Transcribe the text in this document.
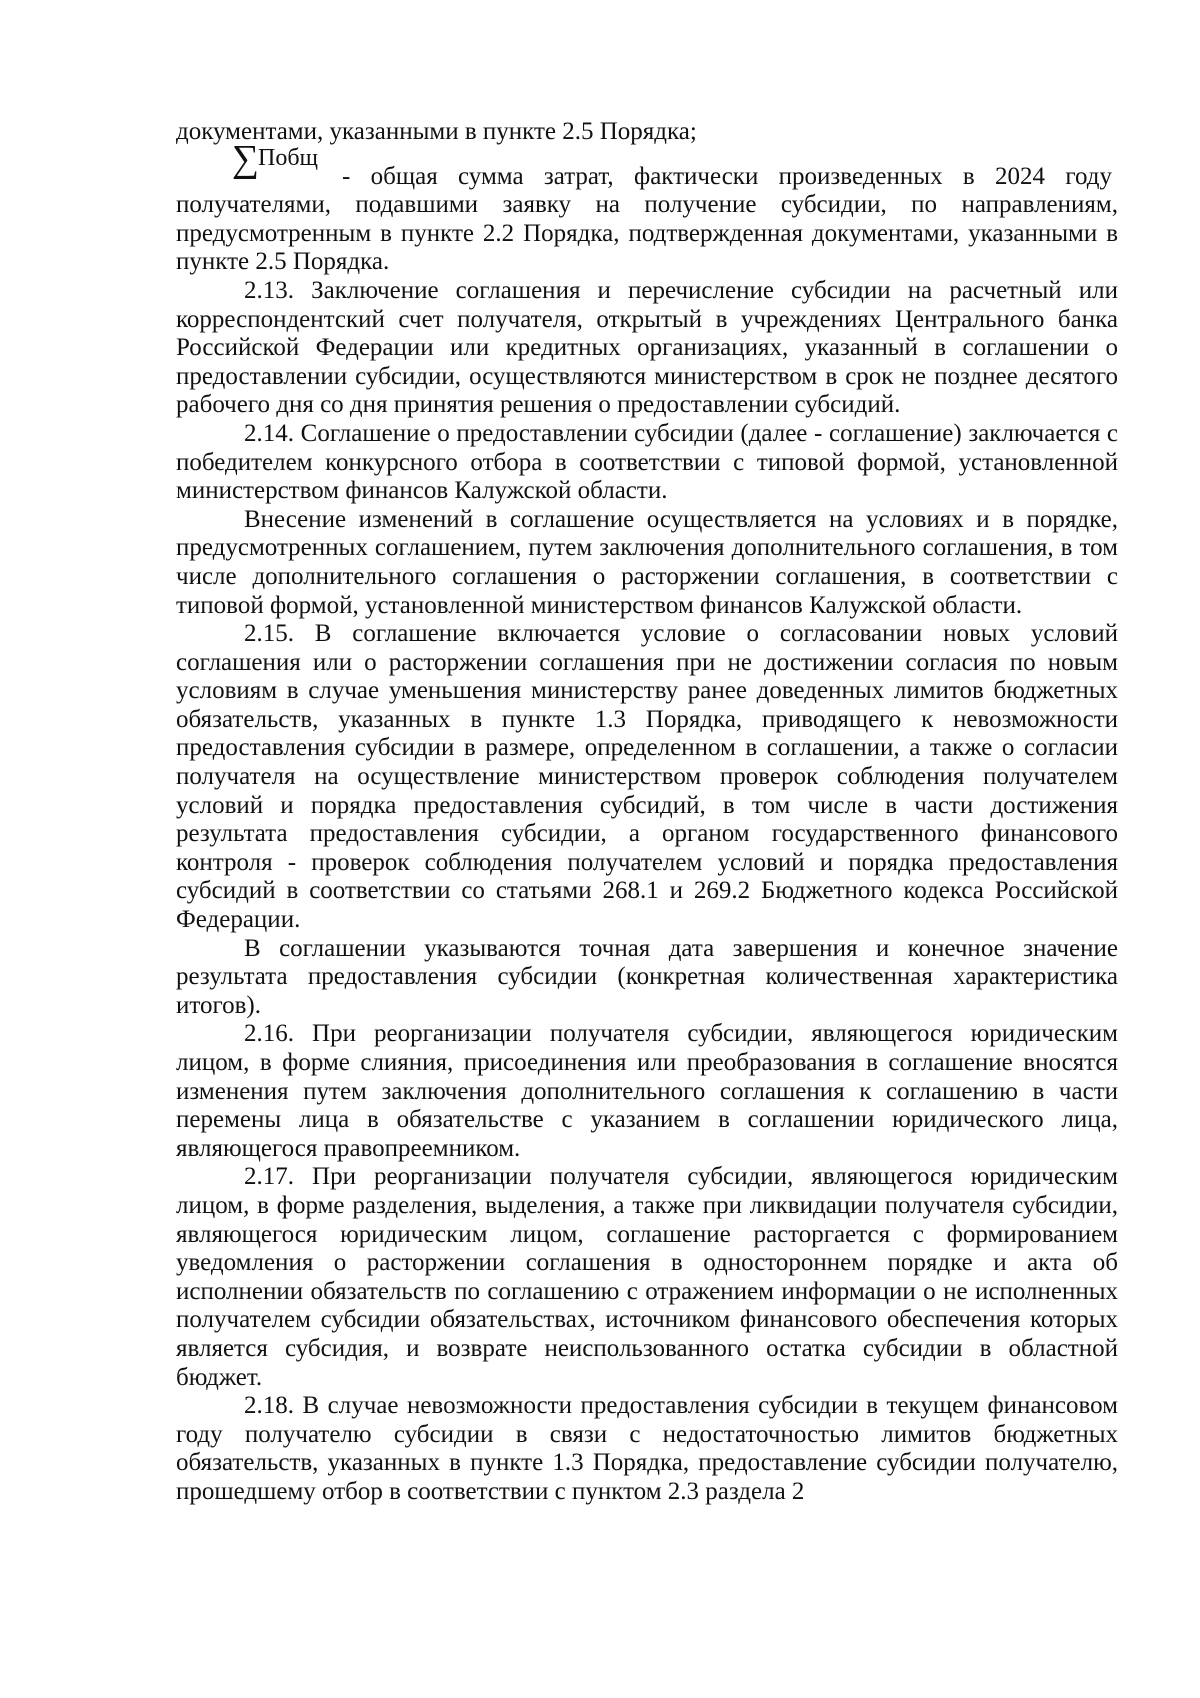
документами, указанными в пункте 2.5 Порядка;

∑
Побщ
- общая сумма затрат, фактически произведенных в 2024 году

получателями, подавшими заявку на получение субсидии, по направлениям, предусмотренным в пункте 2.2 Порядка, подтвержденная документами, указанными в пункте 2.5 Порядка.

2.13. Заключение соглашения и перечисление субсидии на расчетный или корреспондентский счет получателя, открытый в учреждениях Центрального банка Российской Федерации или кредитных организациях, указанный в соглашении о предоставлении субсидии, осуществляются министерством в срок не позднее десятого рабочего дня со дня принятия решения о предоставлении субсидий.

2.14. Соглашение о предоставлении субсидии (далее - соглашение) заключается с победителем конкурсного отбора в соответствии с типовой формой, установленной министерством финансов Калужской области.

Внесение изменений в соглашение осуществляется на условиях и в порядке, предусмотренных соглашением, путем заключения дополнительного соглашения, в том числе дополнительного соглашения о расторжении соглашения, в соответствии с типовой формой, установленной министерством финансов Калужской области.

2.15. В соглашение включается условие о согласовании новых условий соглашения или о расторжении соглашения при не достижении согласия по новым условиям в случае уменьшения министерству ранее доведенных лимитов бюджетных обязательств, указанных в пункте 1.3 Порядка, приводящего к невозможности предоставления субсидии в размере, определенном в соглашении, а также о согласии получателя на осуществление министерством проверок соблюдения получателем условий и порядка предоставления субсидий, в том числе в части достижения результата предоставления субсидии, а органом государственного финансового контроля - проверок соблюдения получателем условий и порядка предоставления субсидий в соответствии со статьями 268.1 и 269.2 Бюджетного кодекса Российской Федерации.

В соглашении указываются точная дата завершения и конечное значение результата предоставления субсидии (конкретная количественная характеристика итогов).

2.16. При реорганизации получателя субсидии, являющегося юридическим лицом, в форме слияния, присоединения или преобразования в соглашение вносятся изменения путем заключения дополнительного соглашения к соглашению в части перемены лица в обязательстве с указанием в соглашении юридического лица, являющегося правопреемником.

2.17. При реорганизации получателя субсидии, являющегося юридическим лицом, в форме разделения, выделения, а также при ликвидации получателя субсидии, являющегося юридическим лицом, соглашение расторгается с формированием уведомления о расторжении соглашения в одностороннем порядке и акта об исполнении обязательств по соглашению с отражением информации о не исполненных получателем субсидии обязательствах, источником финансового обеспечения которых является субсидия, и возврате неиспользованного остатка субсидии в областной бюджет.

2.18. В случае невозможности предоставления субсидии в текущем финансовом году получателю субсидии в связи с недостаточностью лимитов бюджетных обязательств, указанных в пункте 1.3 Порядка, предоставление субсидии получателю, прошедшему отбор в соответствии с пунктом 2.3 раздела 2
